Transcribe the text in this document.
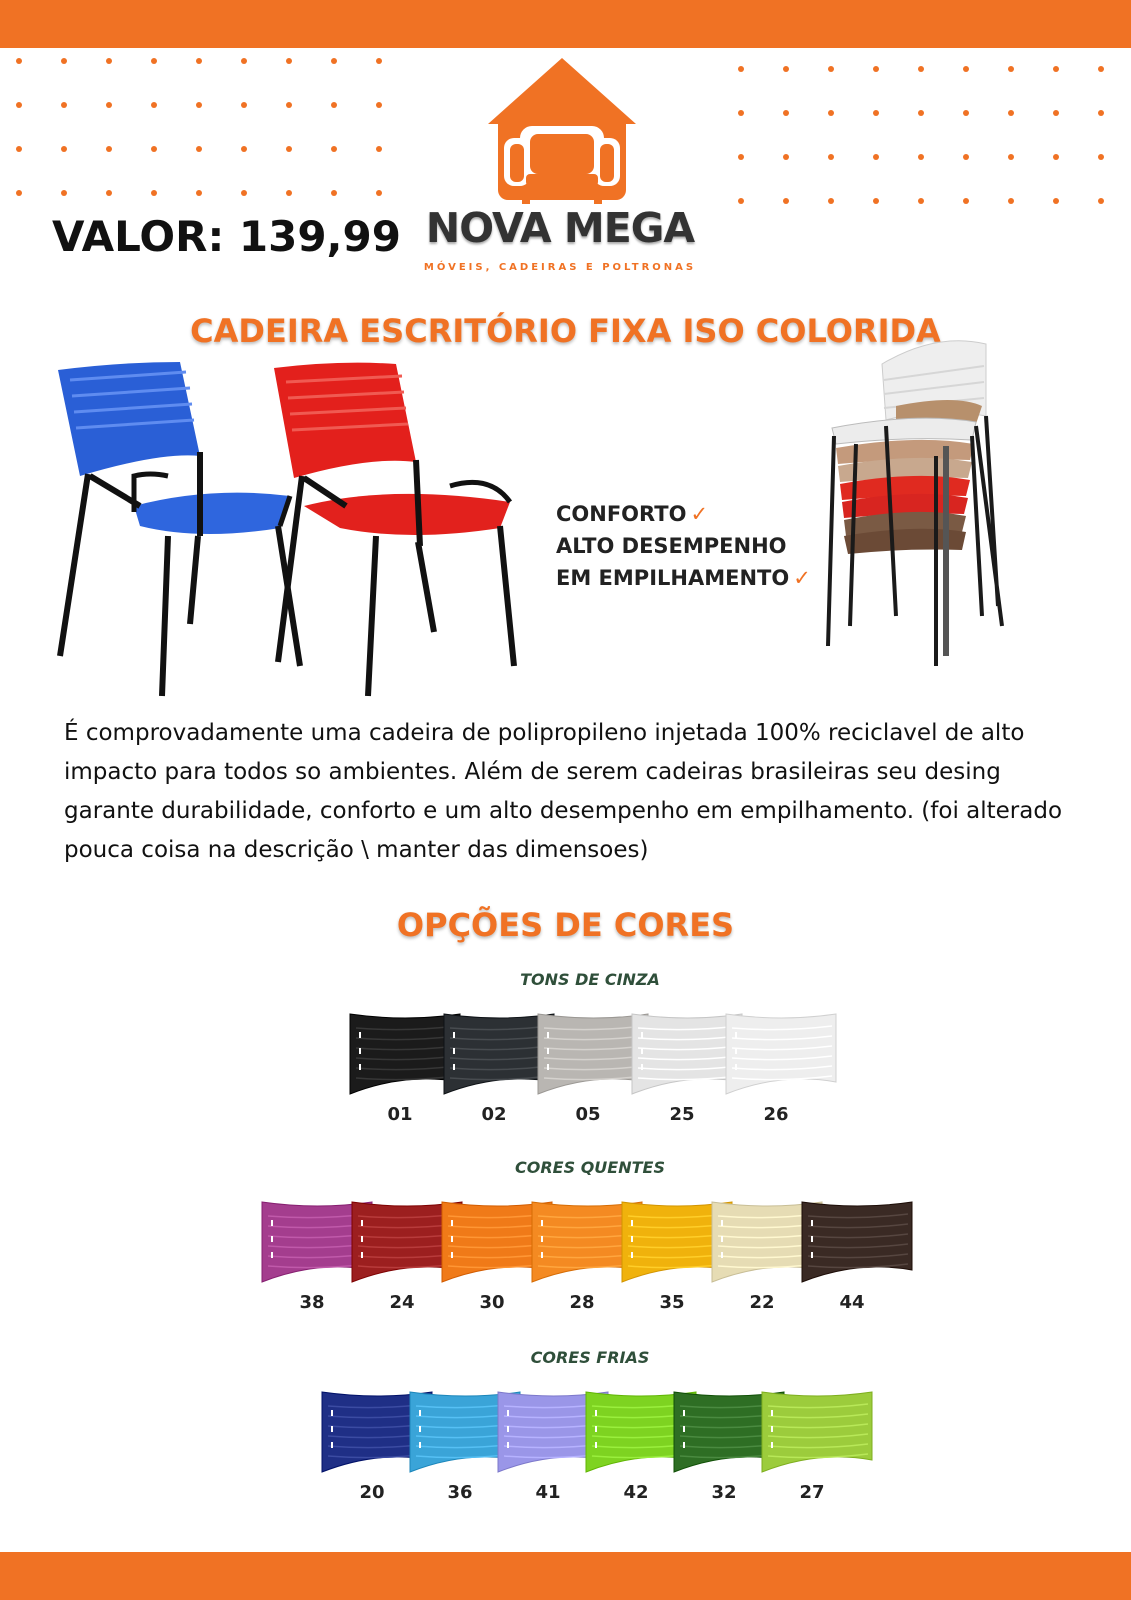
VALOR: 139,99 NOVA MEGA
MÓVEIS, CADEIRAS E POLTRONAS
CADEIRA ESCRITÓRIO FIXA ISO COLORIDA
CONFORTO ✓
ALTO DESEMPENHO
EM EMPILHAMENTO ✓
É comprovadamente uma cadeira de polipropileno injetada 100% reciclavel de alto impacto para todos so ambientes. Além de serem cadeiras brasileiras seu desing garante durabilidade, conforto e um alto desempenho em empilhamento. (foi alterado pouca coisa na descrição \ manter das dimensoes)
OPÇÕES DE CORES
TONS DE CINZA
01	02	05	25	26
CORES QUENTES
38	24	30	28	35	22	44
CORES FRIAS
20	36	41	42	32	27
